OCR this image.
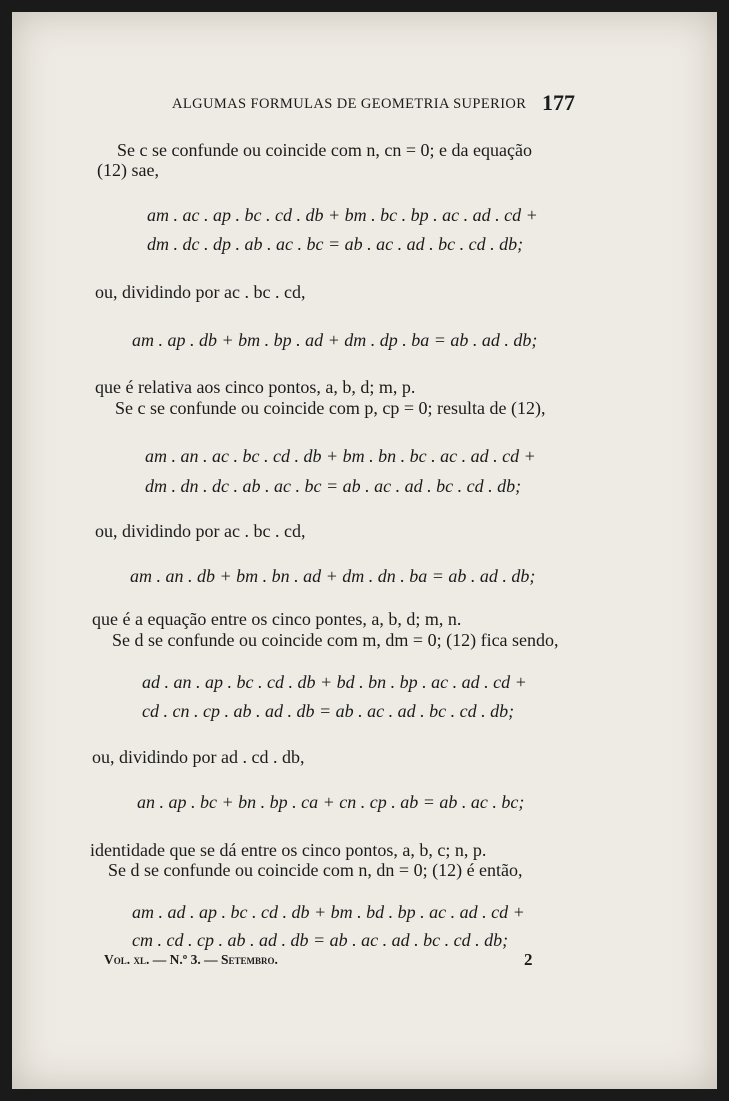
ALGUMAS FORMULAS DE GEOMETRIA SUPERIOR 177
Se c se confunde ou coincide com n, cn = 0; e da equação
(12) sae,
am . ac . ap . bc . cd . db + bm . bc . bp . ac . ad . cd +
dm . dc . dp . ab . ac . bc = ab . ac . ad . bc . cd . db;
ou, dividindo por ac . bc . cd,
am . ap . db + bm . bp . ad + dm . dp . ba = ab . ad . db;
que é relativa aos cinco pontos, a, b, d; m, p.
Se c se confunde ou coincide com p, cp = 0; resulta de (12),
am . an . ac . bc . cd . db + bm . bn . bc . ac . ad . cd +
dm . dn . dc . ab . ac . bc = ab . ac . ad . bc . cd . db;
ou, dividindo por ac . bc . cd,
am . an . db + bm . bn . ad + dm . dn . ba = ab . ad . db;
que é a equação entre os cinco pontes, a, b, d; m, n.
Se d se confunde ou coincide com m, dm = 0; (12) fica sendo,
ad . an . ap . bc . cd . db + bd . bn . bp . ac . ad . cd +
cd . cn . cp . ab . ad . db = ab . ac . ad . bc . cd . db;
ou, dividindo por ad . cd . db,
an . ap . bc + bn . bp . ca + cn . cp . ab = ab . ac . bc;
identidade que se dá entre os cinco pontos, a, b, c; n, p.
Se d se confunde ou coincide com n, dn = 0; (12) é então,
am . ad . ap . bc . cd . db + bm . bd . bp . ac . ad . cd +
cm . cd . cp . ab . ad . db = ab . ac . ad . bc . cd . db;
Vol. xl. — N.º 3. — Setembro.	2
